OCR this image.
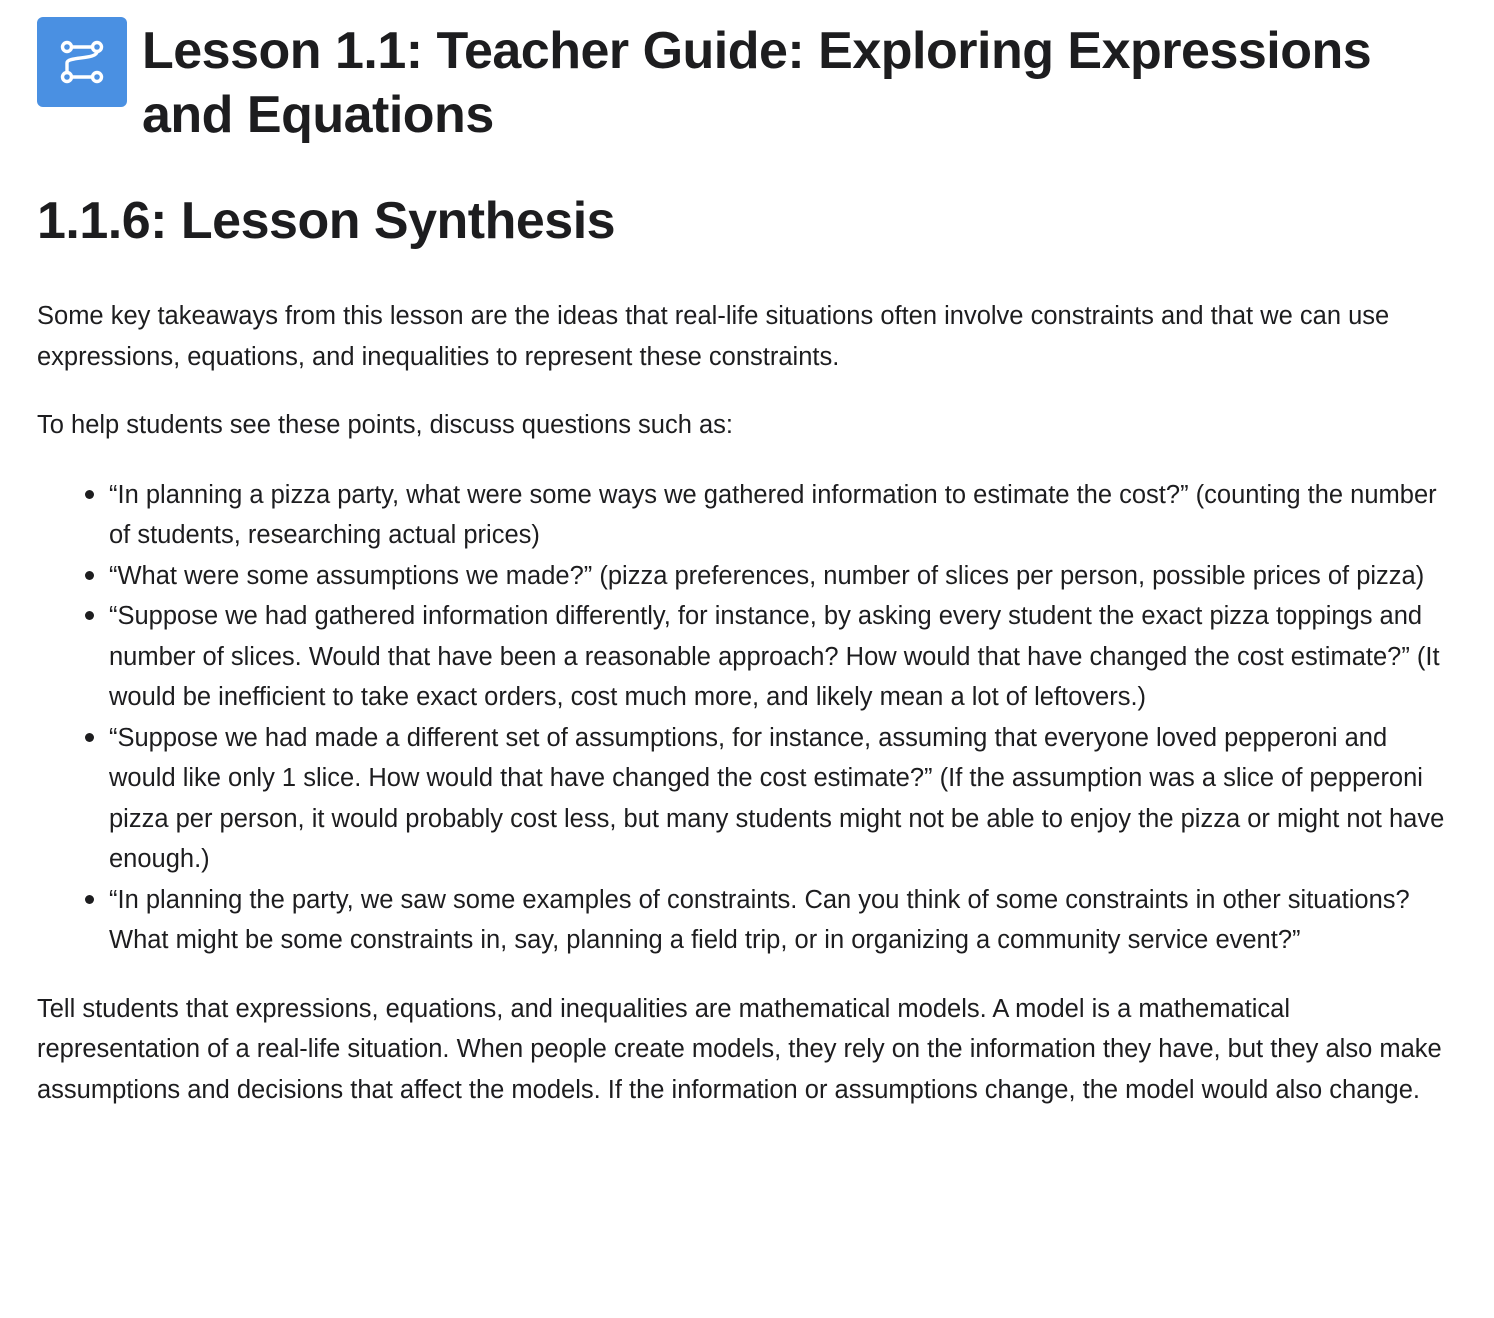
Lesson 1.1: Teacher Guide: Exploring Expressions and Equations
1.1.6: Lesson Synthesis

Some key takeaways from this lesson are the ideas that real-life situations often involve constraints and that we can use expressions, equations, and inequalities to represent these constraints.

To help students see these points, discuss questions such as:

“In planning a pizza party, what were some ways we gathered information to estimate the cost?” (counting the number of students, researching actual prices)
“What were some assumptions we made?” (pizza preferences, number of slices per person, possible prices of pizza)
“Suppose we had gathered information differently, for instance, by asking every student the exact pizza toppings and number of slices. Would that have been a reasonable approach? How would that have changed the cost estimate?” (It would be inefficient to take exact orders, cost much more, and likely mean a lot of leftovers.)
“Suppose we had made a different set of assumptions, for instance, assuming that everyone loved pepperoni and would like only 1 slice. How would that have changed the cost estimate?” (If the assumption was a slice of pepperoni pizza per person, it would probably cost less, but many students might not be able to enjoy the pizza or might not have enough.)
“In planning the party, we saw some examples of constraints. Can you think of some constraints in other situations? What might be some constraints in, say, planning a field trip, or in organizing a community service event?”

Tell students that expressions, equations, and inequalities are mathematical models. A model is a mathematical representation of a real-life situation. When people create models, they rely on the information they have, but they also make assumptions and decisions that affect the models. If the information or assumptions change, the model would also change.
